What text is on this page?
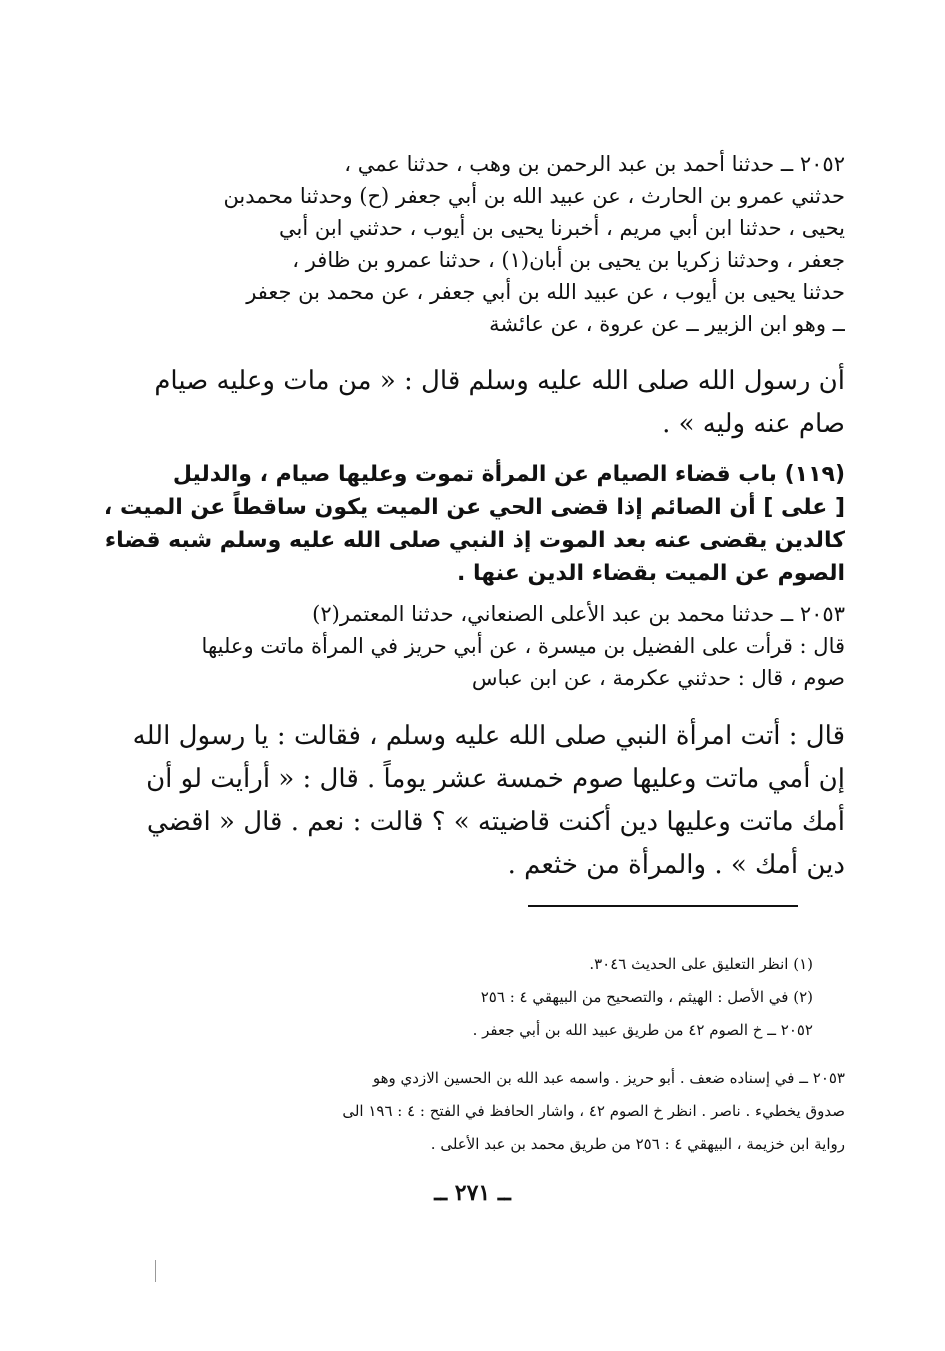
٢٠٥٢ ــ حدثنا أحمد بن عبد الرحمن بن وهب ، حدثنا عمي ،
حدثني عمرو بن الحارث ، عن عبيد الله بن أبي جعفر (ح) وحدثنا محمدبن
يحيى ، حدثنا ابن أبي مريم ، أخبرنا يحيى بن أيوب ، حدثني ابن أبي
جعفر ، وحدثنا زكريا بن يحيى بن أبان(١) ، حدثنا عمرو بن ظافر ،
حدثنا يحيى بن أيوب ، عن عبيد الله بن أبي جعفر ، عن محمد بن جعفر
ــ وهو ابن الزبير ــ عن عروة ، عن عائشة
أن رسول الله صلى الله عليه وسلم قال : « من مات وعليه صيام
صام عنه وليه » .
(١١٩) باب قضاء الصيام عن المرأة تموت وعليها صيام ، والدليل
[ على ] أن الصائم إذا قضى الحي عن الميت يكون ساقطاً عن الميت ،
كالدين يقضى عنه بعد الموت إذ النبي صلى الله عليه وسلم شبه قضاء
الصوم عن الميت بقضاء الدين عنها .
٢٠٥٣ ــ حدثنا محمد بن عبد الأعلى الصنعاني، حدثنا المعتمر(٢)
قال : قرأت على الفضيل بن ميسرة ، عن أبي حريز في المرأة ماتت وعليها
صوم ، قال : حدثني عكرمة ، عن ابن عباس
قال : أتت امرأة النبي صلى الله عليه وسلم ، فقالت : يا رسول الله
إن أمي ماتت وعليها صوم خمسة عشر يوماً . قال : « أرأيت لو أن
أمك ماتت وعليها دين أكنت قاضيته » ؟ قالت : نعم . قال « اقضي
دين أمك » . والمرأة من خثعم .
(١) انظر التعليق على الحديث ٣٠٤٦.
(٢) في الأصل : الهيثم ، والتصحيح من البيهقي ٤ : ٢٥٦
٢٠٥٢ ــ خ الصوم ٤٢ من طريق عبيد الله بن أبي جعفر .
٢٠٥٣ ــ في إسناده ضعف . أبو حريز . واسمه عبد الله بن الحسين الازدي وهو
صدوق يخطيء . ناصر . انظر خ الصوم ٤٢ ، واشار الحافظ في الفتح : ٤ : ١٩٦ الى
رواية ابن خزيمة ، البيهقي ٤ : ٢٥٦ من طريق محمد بن عبد الأعلى .
ــ ٢٧١ ــ
